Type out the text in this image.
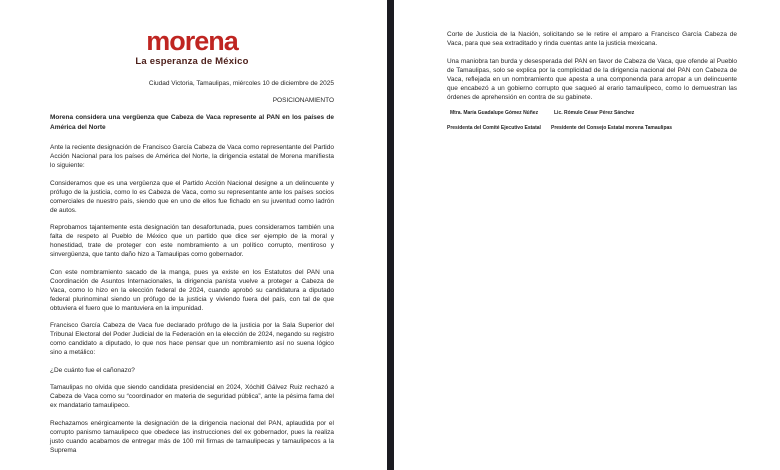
morena
La esperanza de México

Ciudad Victoria, Tamaulipas, miércoles 10 de diciembre de 2025

POSICIONAMIENTO

Morena considera una vergüenza que Cabeza de Vaca represente al PAN en los países de América del Norte

Ante la reciente designación de Francisco García Cabeza de Vaca como representante del Partido Acción Nacional para los países de América del Norte, la dirigencia estatal de Morena manifiesta lo siguiente:

Consideramos que es una vergüenza que el Partido Acción Nacional designe a un delincuente y prófugo de la justicia, como lo es Cabeza de Vaca, como su representante ante los países socios comerciales de nuestro país, siendo que en uno de ellos fue fichado en su juventud como ladrón de autos.

Reprobamos tajantemente esta designación tan desafortunada, pues consideramos también una falta de respeto al Pueblo de México que un partido que dice ser ejemplo de la moral y honestidad, trate de proteger con este nombramiento a un político corrupto, mentiroso y sinvergüenza, que tanto daño hizo a Tamaulipas como gobernador.

Con este nombramiento sacado de la manga, pues ya existe en los Estatutos del PAN una Coordinación de Asuntos Internacionales, la dirigencia panista vuelve a proteger a Cabeza de Vaca, como lo hizo en la elección federal de 2024, cuando aprobó su candidatura a diputado federal plurinominal siendo un prófugo de la justicia y viviendo fuera del país, con tal de que obtuviera el fuero que lo mantuviera en la impunidad.

Francisco García Cabeza de Vaca fue declarado prófugo de la justicia por la Sala Superior del Tribunal Electoral del Poder Judicial de la Federación en la elección de 2024, negando su registro como candidato a diputado, lo que nos hace pensar que un nombramiento así no suena lógico sino a metálico:

¿De cuánto fue el cañonazo?

Tamaulipas no olvida que siendo candidata presidencial en 2024, Xóchitl Gálvez Ruiz rechazó a Cabeza de Vaca como su “coordinador en materia de seguridad pública”, ante la pésima fama del ex mandatario tamaulipeco.

Rechazamos enérgicamente la designación de la dirigencia nacional del PAN, aplaudida por el corrupto panismo tamaulipeco que obedece las instrucciones del ex gobernador, pues la realiza justo cuando acabamos de entregar más de 100 mil firmas de tamaulipecas y tamaulipecos a la Suprema

Corte de Justicia de la Nación, solicitando se le retire el amparo a Francisco García Cabeza de Vaca, para que sea extraditado y rinda cuentas ante la justicia mexicana.

Una maniobra tan burda y desesperada del PAN en favor de Cabeza de Vaca, que ofende al Pueblo de Tamaulipas, solo se explica por la complicidad de la dirigencia nacional del PAN con Cabeza de Vaca, reflejada en un nombramiento que apesta a una componenda para arropar a un delincuente que encabezó a un gobierno corrupto que saqueó al erario tamaulipeco, como lo demuestran las órdenes de aprehensión en contra de su gabinete.

Mtra. María Guadalupe Gómez Núñez
Presidenta del Comité Ejecutivo Estatal
Lic. Rómulo César Pérez Sánchez
Presidente del Consejo Estatal morena Tamaulipas
